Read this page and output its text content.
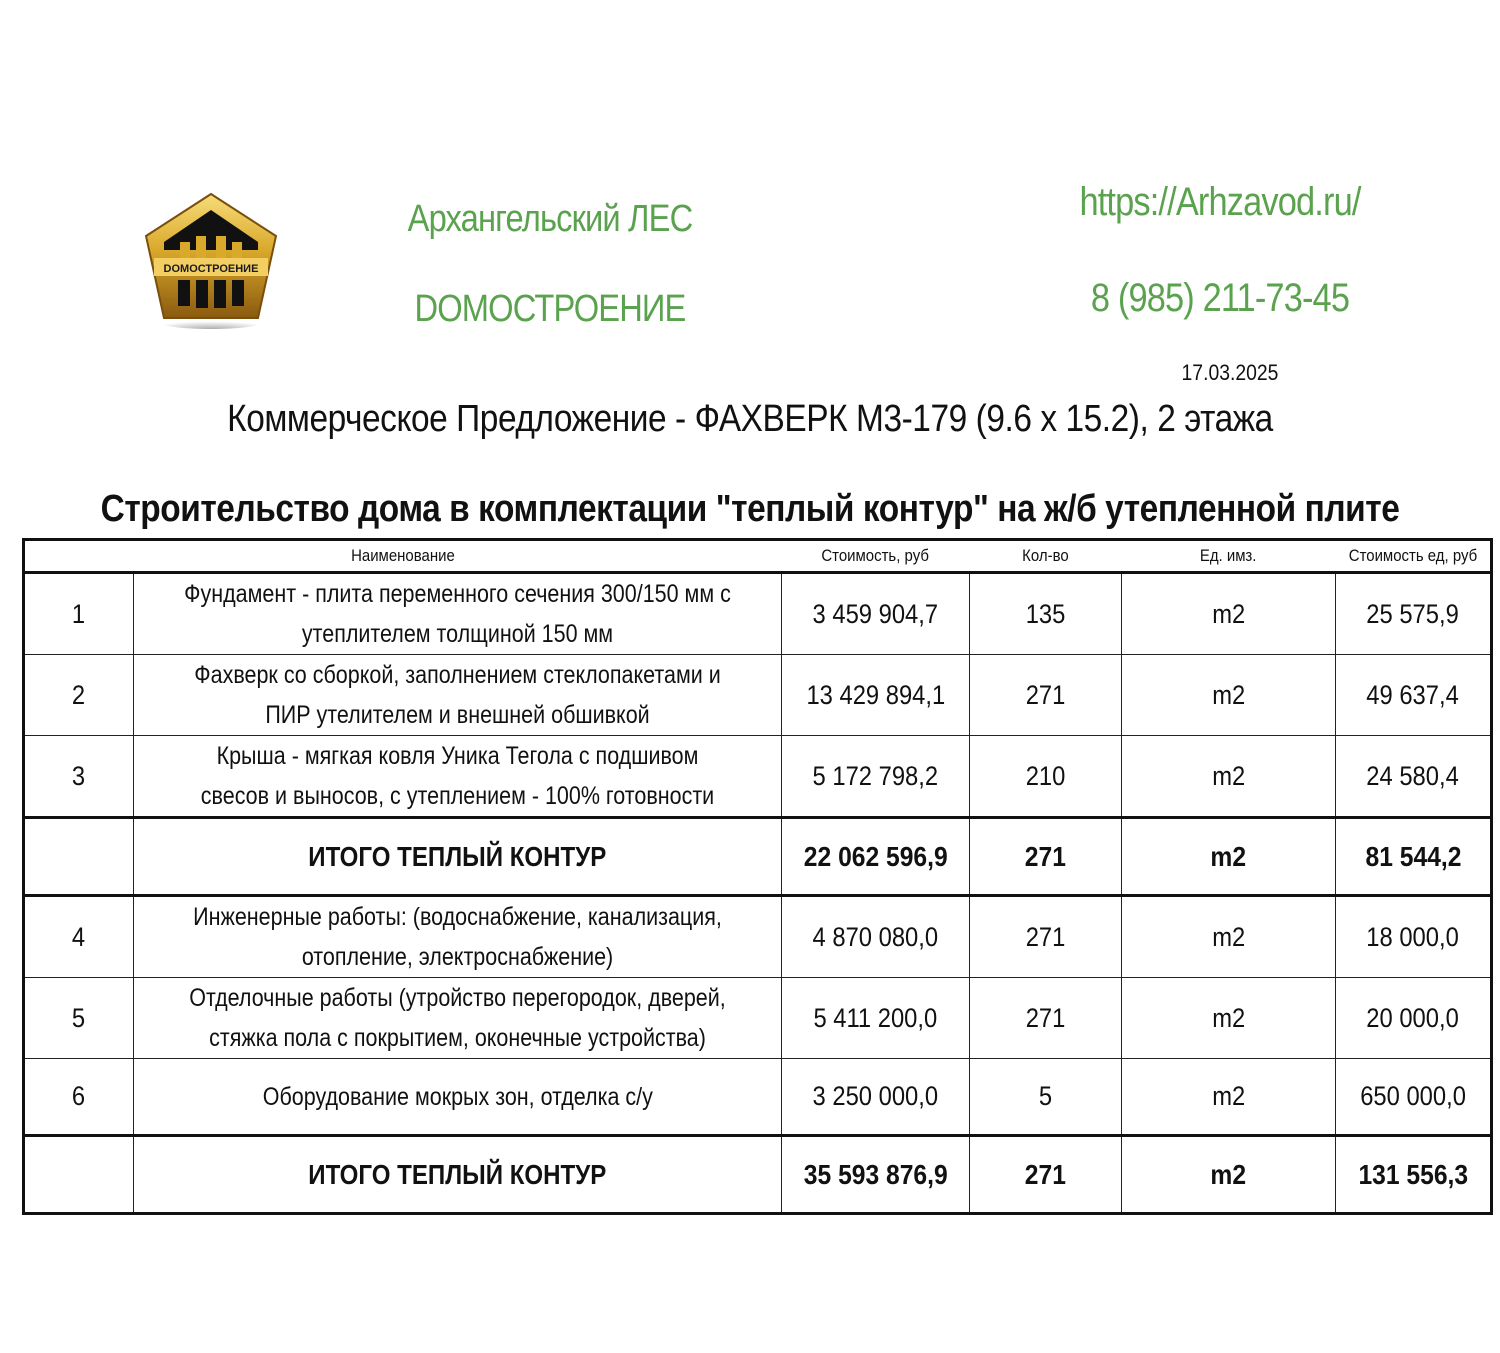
DOMOСТРОЕНИЕ
Архангельский ЛЕС
DOMOСТРОЕНИЕ
https://Arhzavod.ru/
8 (985) 211-73-45
17.03.2025
Коммерческое Предложение - ФАХВЕРК М3-179 (9.6 х 15.2), 2 этажа
Строительство дома в комплектации "теплый контур" на ж/б утепленной плите
Наименование		Стоимость, руб	Кол-во	Ед. имз.	Стоимость ед, руб
1	Фундамент - плита переменного сечения 300/150 мм с утеплителем толщиной 150 мм	3 459 904,7	135	m2	25 575,9
2	Фахверк со сборкой, заполнением стеклопакетами и ПИР утелителем и внешней обшивкой	13 429 894,1	271	m2	49 637,4
3	Крыша - мягкая ковля Уника Тегола с подшивом свесов и выносов, с утеплением - 100% готовности	5 172 798,2	210	m2	24 580,4
	ИТОГО ТЕПЛЫЙ КОНТУР	22 062 596,9	271	m2	81 544,2
4	Инженерные работы: (водоснабжение, канализация, отопление, электроснабжение)	4 870 080,0	271	m2	18 000,0
5	Отделочные работы (утройство перегородок, дверей, стяжка пола с покрытием, оконечные устройства)	5 411 200,0	271	m2	20 000,0
6	Оборудование мокрых зон, отделка с/у	3 250 000,0	5	m2	650 000,0
	ИТОГО ТЕПЛЫЙ КОНТУР	35 593 876,9	271	m2	131 556,3
